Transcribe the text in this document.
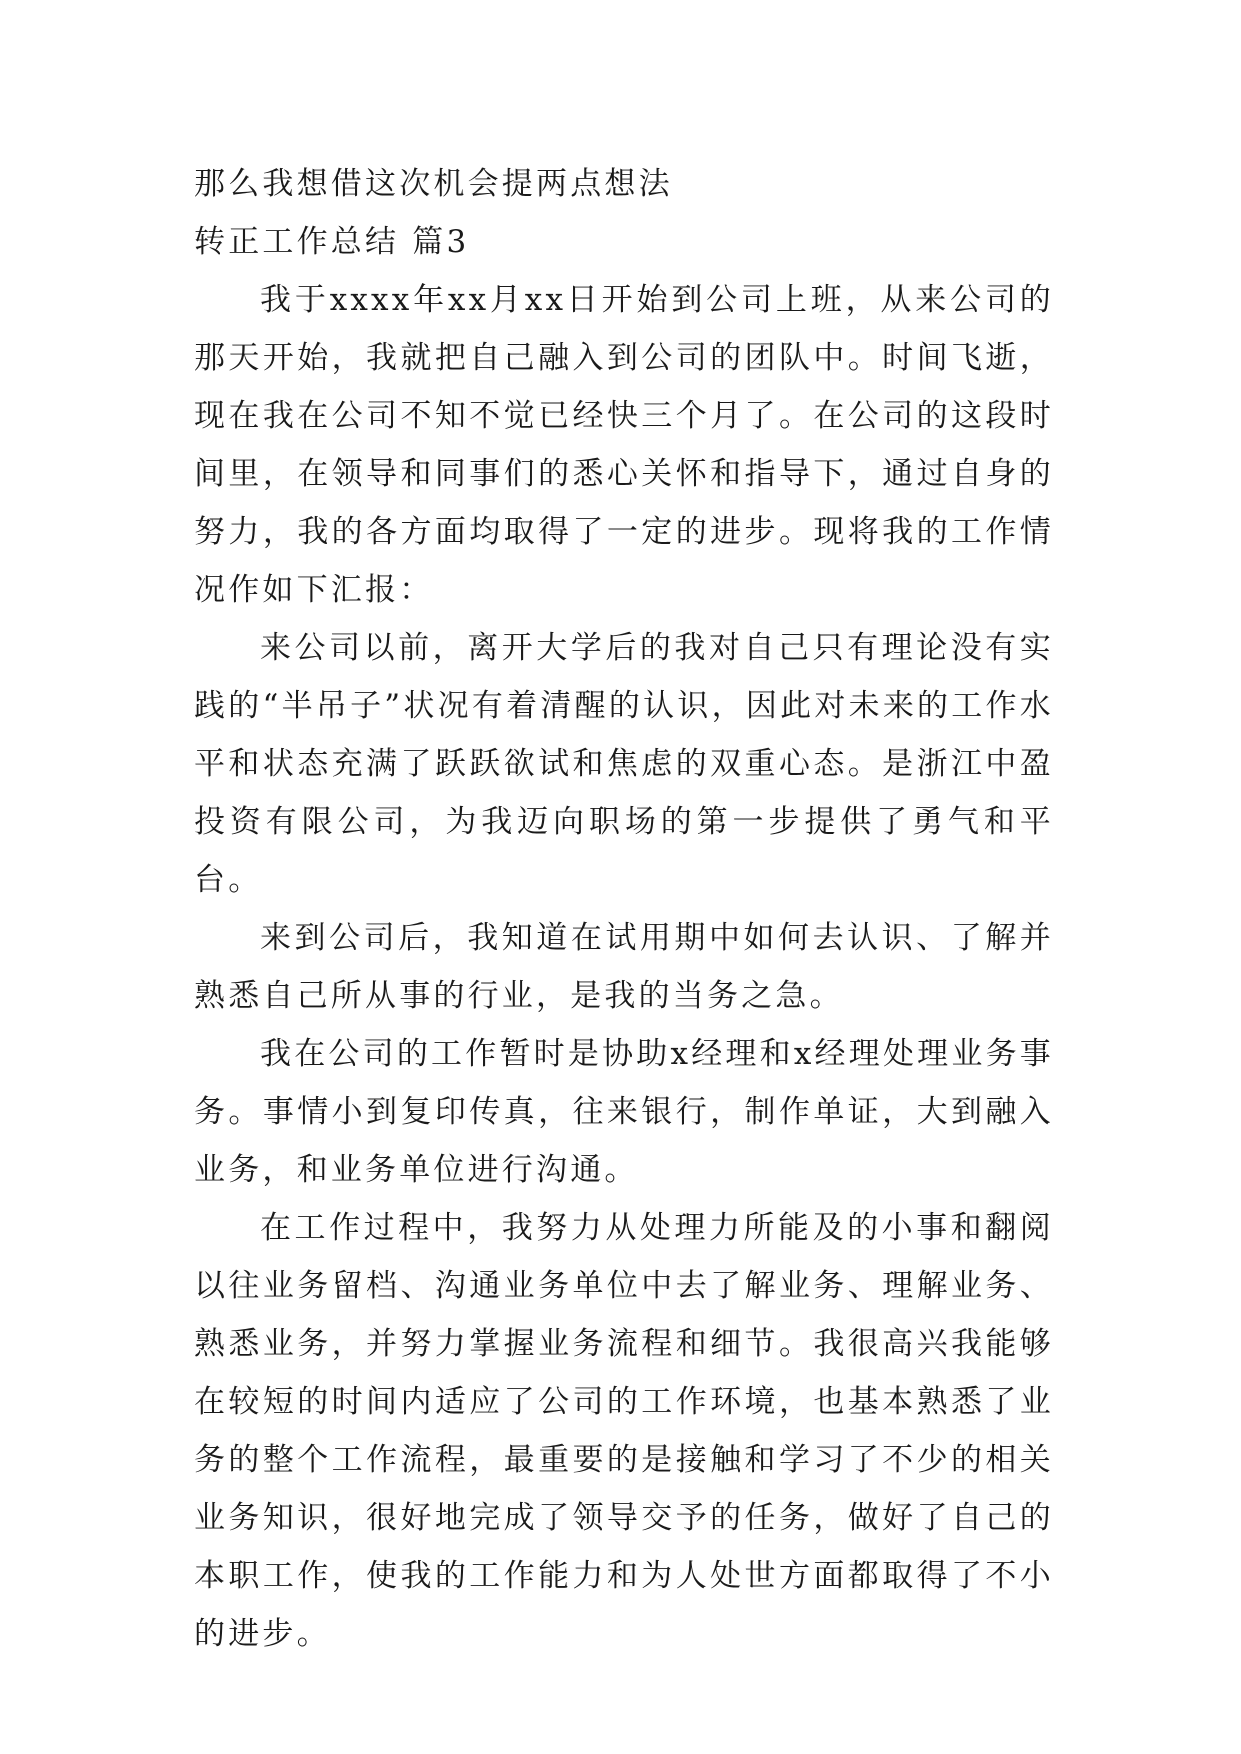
那么我想借这次机会提两点想法
转正工作总结 篇3

我于xxxx年xx月xx日开始到公司上班，从来公司的那天开始，我就把自己融入到公司的团队中。时间飞逝，现在我在公司不知不觉已经快三个月了。在公司的这段时间里，在领导和同事们的悉心关怀和指导下，通过自身的努力，我的各方面均取得了一定的进步。现将我的工作情况作如下汇报：

来公司以前，离开大学后的我对自己只有理论没有实践的“半吊子”状况有着清醒的认识，因此对未来的工作水平和状态充满了跃跃欲试和焦虑的双重心态。是浙江中盈投资有限公司，为我迈向职场的第一步提供了勇气和平台。

来到公司后，我知道在试用期中如何去认识、了解并熟悉自己所从事的行业，是我的当务之急。

我在公司的工作暂时是协助x经理和x经理处理业务事务。事情小到复印传真，往来银行，制作单证，大到融入业务，和业务单位进行沟通。

在工作过程中，我努力从处理力所能及的小事和翻阅以往业务留档、沟通业务单位中去了解业务、理解业务、熟悉业务，并努力掌握业务流程和细节。我很高兴我能够在较短的时间内适应了公司的工作环境，也基本熟悉了业务的整个工作流程，最重要的是接触和学习了不少的相关业务知识，很好地完成了领导交予的任务，做好了自己的本职工作，使我的工作能力和为人处世方面都取得了不小的进步。
